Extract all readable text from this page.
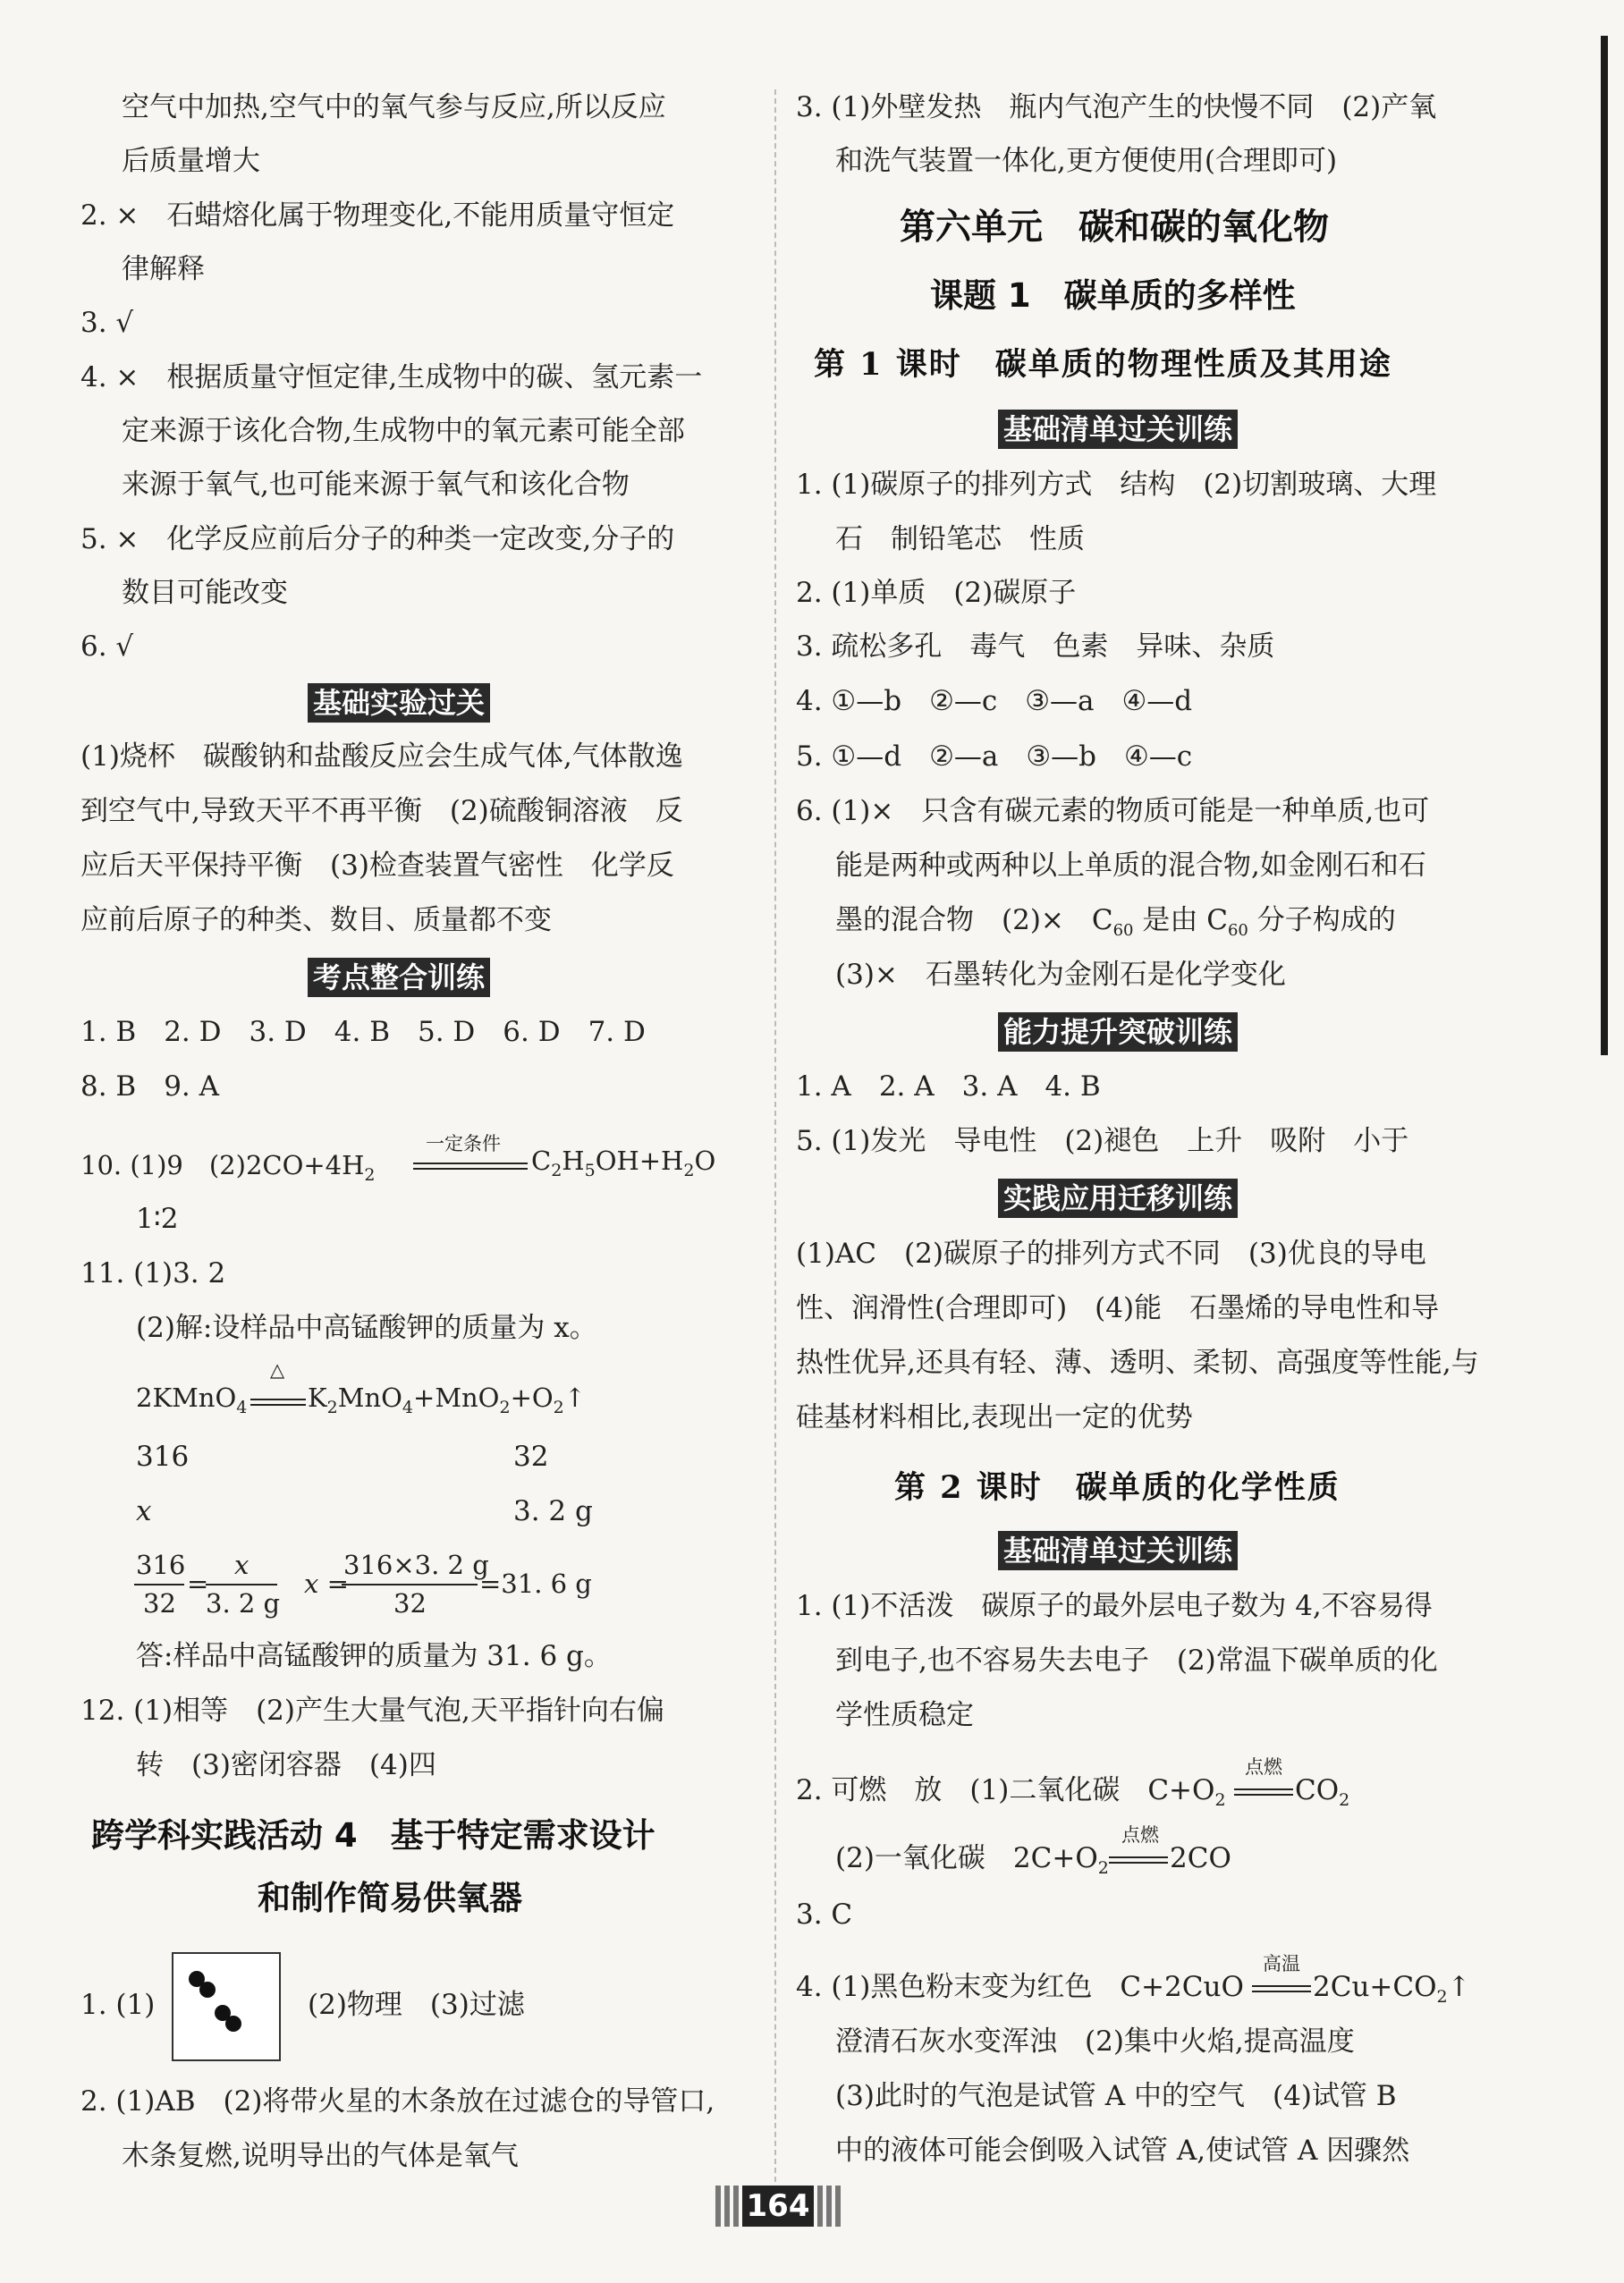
空气中加热,空气中的氧气参与反应,所以反应
后质量增大
2. ×　石蜡熔化属于物理变化,不能用质量守恒定
律解释
3. √
4. ×　根据质量守恒定律,生成物中的碳、氢元素一
定来源于该化合物,生成物中的氧元素可能全部
来源于氧气,也可能来源于氧气和该化合物
5. ×　化学反应前后分子的种类一定改变,分子的
数目可能改变
6. √
基础实验过关
(1)烧杯　碳酸钠和盐酸反应会生成气体,气体散逸
到空气中,导致天平不再平衡　(2)硫酸铜溶液　反
应后天平保持平衡　(3)检查装置气密性　化学反
应前后原子的种类、数目、质量都不变
考点整合训练
1. B　2. D　3. D　4. B　5. D　6. D　7. D
8. B　9. A
10. (1)9　$(2)2CO+4H_2$
一定条件
$C_2H_5OH+H_2O$
1∶2
11. (1)3. 2
(2)解:设样品中高锰酸钾的质量为 x。
2KMnO$_4$
△
$K_2MnO_4+MnO_2+O_2↑$
316	32
x	3. 2 g
316
32
=
x
3. 2 g
x =
316×3. 2 g
32
=31. 6 g
答:样品中高锰酸钾的质量为 31. 6 g。
12. (1)相等　(2)产生大量气泡,天平指针向右偏
转　(3)密闭容器　(4)四
跨学科实践活动 4　基于特定需求设计
和制作简易供氧器
1. (1)	(2)物理　(3)过滤
2. (1)AB　(2)将带火星的木条放在过滤仓的导管口,
木条复燃,说明导出的气体是氧气
3. (1)外壁发热　瓶内气泡产生的快慢不同　(2)产氧
和洗气装置一体化,更方便使用(合理即可)
第六单元　碳和碳的氧化物
课题 1　碳单质的多样性
第 1 课时　碳单质的物理性质及其用途
基础清单过关训练
1. (1)碳原子的排列方式　结构　(2)切割玻璃、大理
石　制铅笔芯　性质
2. (1)单质　(2)碳原子
3. 疏松多孔　毒气　色素　异味、杂质
4. ①—b　②—c　③—a　④—d
5. ①—d　②—a　③—b　④—c
6. (1)×　只含有碳元素的物质可能是一种单质,也可
能是两种或两种以上单质的混合物,如金刚石和石
墨的混合物　(2)×　$C_{60}$ 是由 $C_{60}$ 分子构成的
(3)×　石墨转化为金刚石是化学变化
能力提升突破训练
1. A　2. A　3. A　4. B
5. (1)发光　导电性　(2)褪色　上升　吸附　小于
实践应用迁移训练
(1)AC　(2)碳原子的排列方式不同　(3)优良的导电
性、润滑性(合理即可)　(4)能　石墨烯的导电性和导
热性优异,还具有轻、薄、透明、柔韧、高强度等性能,与
硅基材料相比,表现出一定的优势
第 2 课时　碳单质的化学性质
基础清单过关训练
1. (1)不活泼　碳原子的最外层电子数为 4,不容易得
到电子,也不容易失去电子　(2)常温下碳单质的化
学性质稳定
2. 可燃　放　(1)二氧化碳　$C+O_2$
点燃
$CO_2$
(2)一氧化碳　$2C+O_2$
点燃
2CO
3. C
4. (1)黑色粉末变为红色　C+2CuO
高温
$2Cu+CO_2↑$
澄清石灰水变浑浊　(2)集中火焰,提高温度
(3)此时的气泡是试管 A 中的空气　(4)试管 B
中的液体可能会倒吸入试管 A,使试管 A 因骤然
164
